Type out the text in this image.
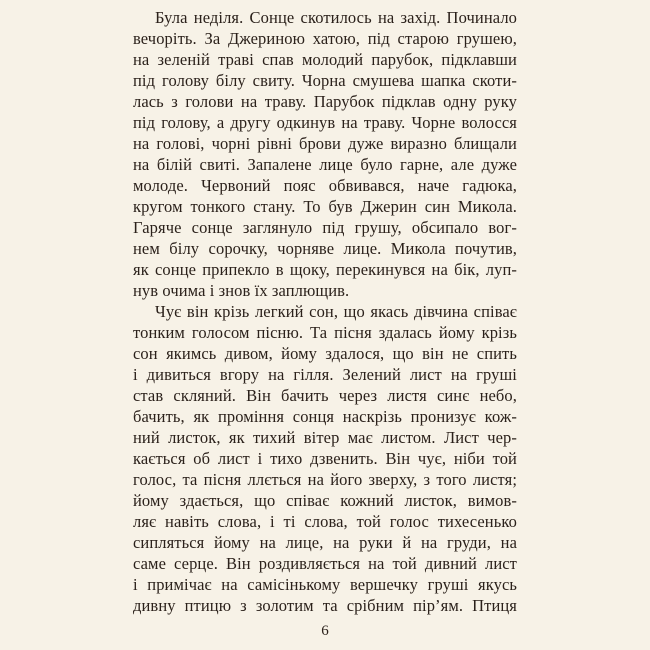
Була неділя. Сонце скотилось на захід. Починало
вечоріть. За Джериною хатою, під старою грушею,
на зеленій траві спав молодий парубок, підклавши
під голову білу свиту. Чорна смушева шапка скоти-
лась з голови на траву. Парубок підклав одну руку
під голову, а другу одкинув на траву. Чорне волосся
на голові, чорні рівні брови дуже виразно блищали
на білій свиті. Запалене лице було гарне, але дуже
молоде. Червоний пояс обвивався, наче гадюка,
кругом тонкого стану. То був Джерин син Микола.
Гаряче сонце заглянуло під грушу, обсипало вог-
нем білу сорочку, чорняве лице. Микола почутив,
як сонце припекло в щоку, перекинувся на бік, луп-
нув очима і знов їх заплющив.
Чує він крізь легкий сон, що якась дівчина співає
тонким голосом пісню. Та пісня здалась йому крізь
сон якимсь дивом, йому здалося, що він не спить
і дивиться вгору на гілля. Зелений лист на груші
став скляний. Він бачить через листя синє небо,
бачить, як проміння сонця наскрізь пронизує кож-
ний листок, як тихий вітер має листом. Лист чер-
кається об лист і тихо дзвенить. Він чує, ніби той
голос, та пісня ллється на його зверху, з того листя;
йому здається, що співає кожний листок, вимов-
ляє навіть слова, і ті слова, той голос тихесенько
сипляться йому на лице, на руки й на груди, на
саме серце. Він роздивляється на той дивний лист
і примічає на самісінькому вершечку груші якусь
дивну птицю з золотим та срібним пір’ям. Птиця
6
